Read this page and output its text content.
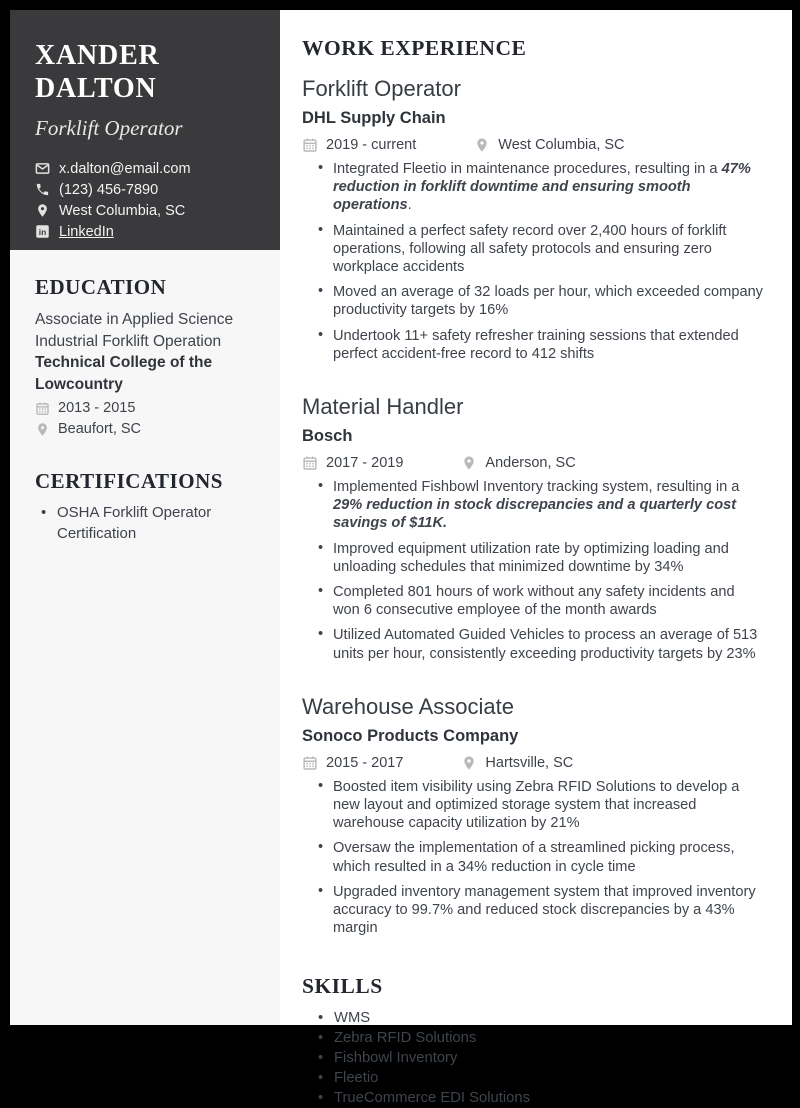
XANDER DALTON
Forklift Operator
x.dalton@email.com
(123) 456-7890
West Columbia, SC
in LinkedIn
EDUCATION
Associate in Applied Science
Industrial Forklift Operation
Technical College of the Lowcountry
2013 - 2015
Beaufort, SC
CERTIFICATIONS
• OSHA Forklift Operator Certification
WORK EXPERIENCE
Forklift Operator
DHL Supply Chain
2019 - current	West Columbia, SC
• Integrated Fleetio in maintenance procedures, resulting in a 47% reduction in forklift downtime and ensuring smooth operations.
• Maintained a perfect safety record over 2,400 hours of forklift operations, following all safety protocols and ensuring zero workplace accidents
• Moved an average of 32 loads per hour, which exceeded company productivity targets by 16%
• Undertook 11+ safety refresher training sessions that extended perfect accident-free record to 412 shifts
Material Handler
Bosch
2017 - 2019	Anderson, SC
• Implemented Fishbowl Inventory tracking system, resulting in a 29% reduction in stock discrepancies and a quarterly cost savings of $11K.
• Improved equipment utilization rate by optimizing loading and unloading schedules that minimized downtime by 34%
• Completed 801 hours of work without any safety incidents and won 6 consecutive employee of the month awards
• Utilized Automated Guided Vehicles to process an average of 513 units per hour, consistently exceeding productivity targets by 23%
Warehouse Associate
Sonoco Products Company
2015 - 2017	Hartsville, SC
• Boosted item visibility using Zebra RFID Solutions to develop a new layout and optimized storage system that increased warehouse capacity utilization by 21%
• Oversaw the implementation of a streamlined picking process, which resulted in a 34% reduction in cycle time
• Upgraded inventory management system that improved inventory accuracy to 99.7% and reduced stock discrepancies by a 43% margin
SKILLS
• WMS
• Zebra RFID Solutions
• Fishbowl Inventory
• Fleetio
• TrueCommerce EDI Solutions
